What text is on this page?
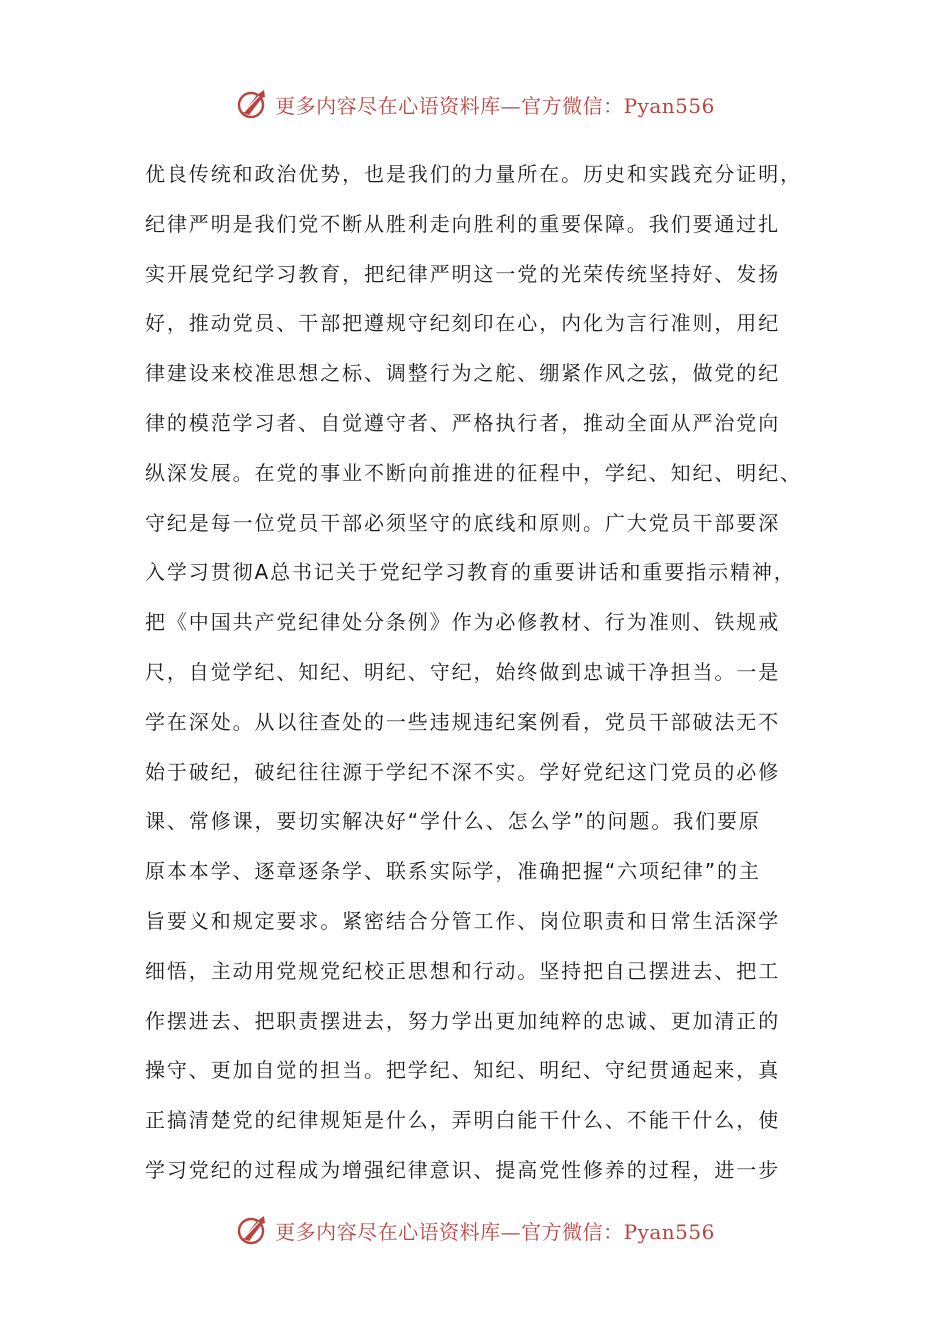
更多内容尽在心语资料库—官方微信：Pyan556
优良传统和政治优势，也是我们的力量所在。历史和实践充分证明，
纪律严明是我们党不断从胜利走向胜利的重要保障。我们要通过扎
实开展党纪学习教育，把纪律严明这一党的光荣传统坚持好、发扬
好，推动党员、干部把遵规守纪刻印在心，内化为言行准则，用纪
律建设来校准思想之标、调整行为之舵、绷紧作风之弦，做党的纪
律的模范学习者、自觉遵守者、严格执行者，推动全面从严治党向
纵深发展。在党的事业不断向前推进的征程中，学纪、知纪、明纪、
守纪是每一位党员干部必须坚守的底线和原则。广大党员干部要深
入学习贯彻A总书记关于党纪学习教育的重要讲话和重要指示精神，
把《中国共产党纪律处分条例》作为必修教材、行为准则、铁规戒
尺，自觉学纪、知纪、明纪、守纪，始终做到忠诚干净担当。一是
学在深处。从以往查处的一些违规违纪案例看，党员干部破法无不
始于破纪，破纪往往源于学纪不深不实。学好党纪这门党员的必修
课、常修课，要切实解决好“学什么、怎么学”的问题。我们要原
原本本学、逐章逐条学、联系实际学，准确把握“六项纪律”的主
旨要义和规定要求。紧密结合分管工作、岗位职责和日常生活深学
细悟，主动用党规党纪校正思想和行动。坚持把自己摆进去、把工
作摆进去、把职责摆进去，努力学出更加纯粹的忠诚、更加清正的
操守、更加自觉的担当。把学纪、知纪、明纪、守纪贯通起来，真
正搞清楚党的纪律规矩是什么，弄明白能干什么、不能干什么，使
学习党纪的过程成为增强纪律意识、提高党性修养的过程，进一步
更多内容尽在心语资料库—官方微信：Pyan556
